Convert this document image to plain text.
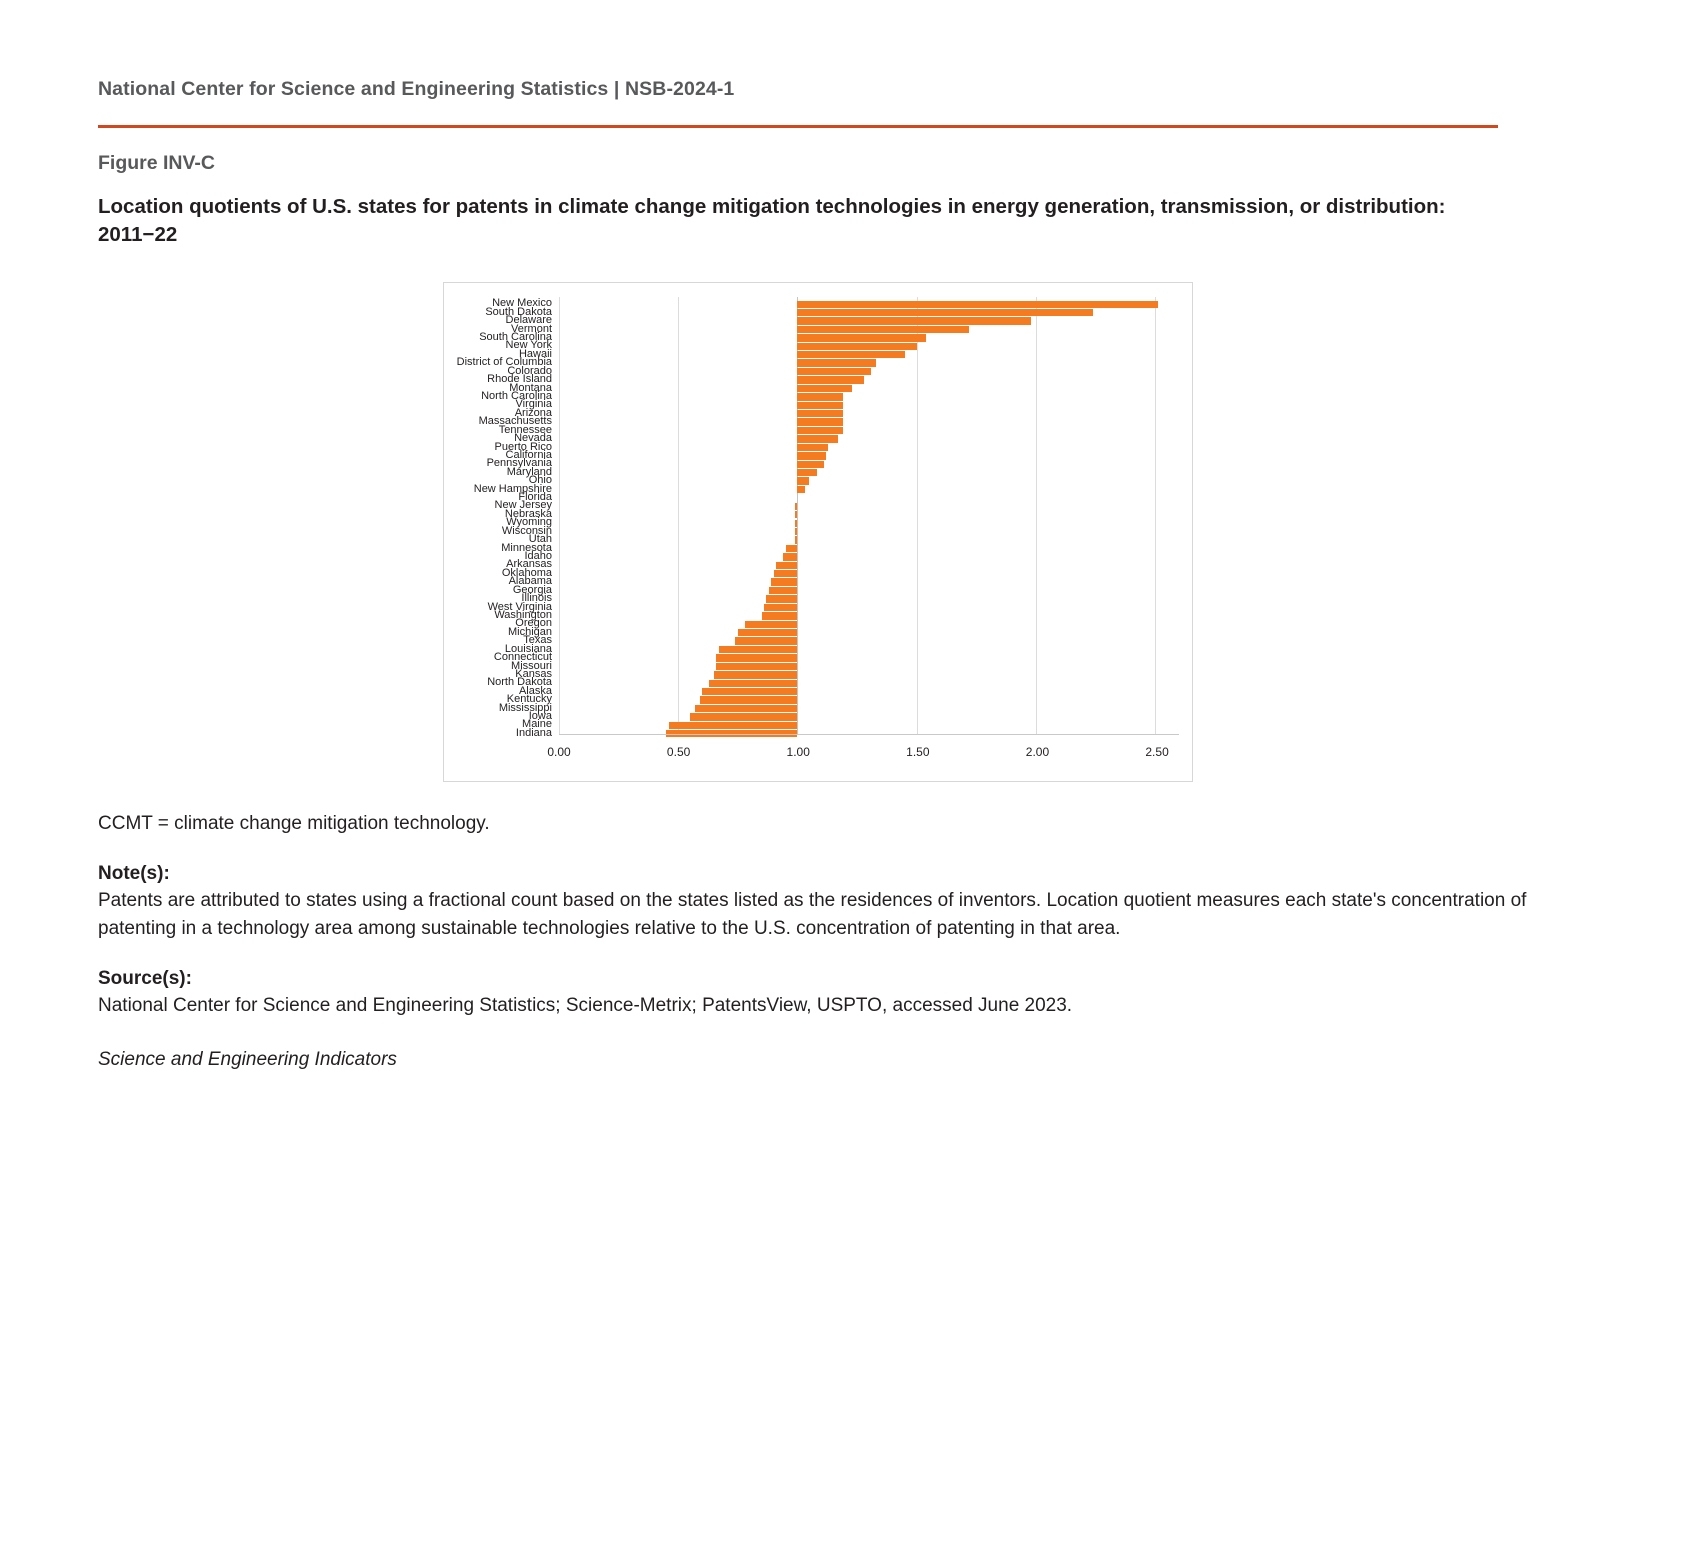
National Center for Science and Engineering Statistics | NSB-2024-1
Figure INV-C
Location quotients of U.S. states for patents in climate change mitigation technologies in energy generation, transmission, or distribution: 2011−22
New Mexico
South Dakota
Delaware
Vermont
South Carolina
New York
Hawaii
District of Columbia
Colorado
Rhode Island
Montana
North Carolina
Virginia
Arizona
Massachusetts
Tennessee
Nevada
Puerto Rico
California
Pennsylvania
Maryland
Ohio
New Hampshire
Florida
New Jersey
Nebraska
Wyoming
Wisconsin
Utah
Minnesota
Idaho
Arkansas
Oklahoma
Alabama
Georgia
Illinois
West Virginia
Washington
Oregon
Michigan
Texas
Louisiana
Connecticut
Missouri
Kansas
North Dakota
Alaska
Kentucky
Mississippi
Iowa
Maine
Indiana
0.00	0.50	1.00	1.50	2.00	2.50

CCMT = climate change mitigation technology.

Note(s):

Patents are attributed to states using a fractional count based on the states listed as the residences of inventors. Location quotient measures each state's concentration of patenting in a technology area among sustainable technologies relative to the U.S. concentration of patenting in that area.

Source(s):

National Center for Science and Engineering Statistics; Science-Metrix; PatentsView, USPTO, accessed June 2023.

Science and Engineering Indicators
